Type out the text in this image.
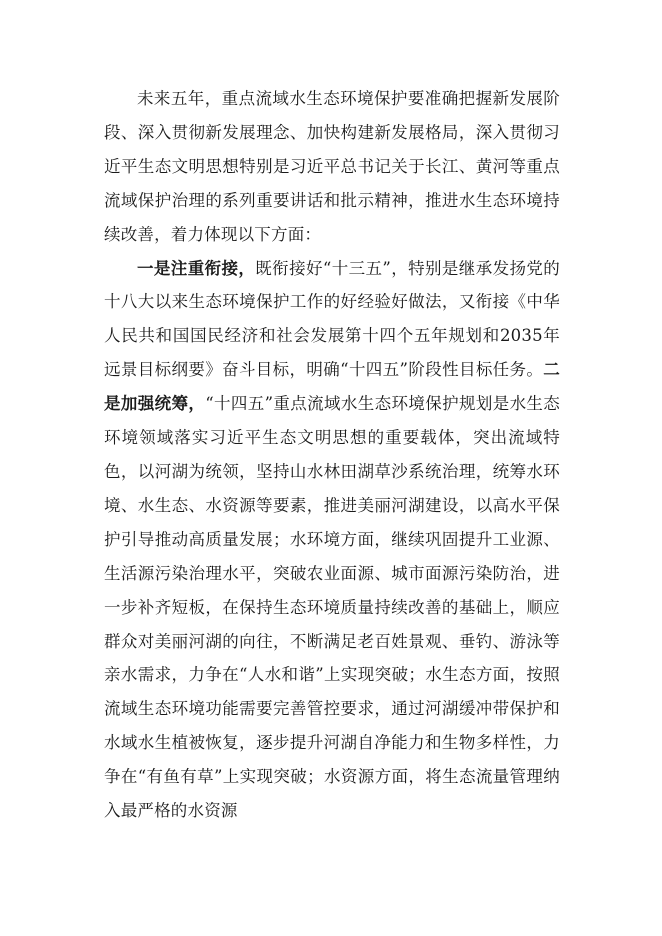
未来五年，重点流域水生态环境保护要准确把握新发展阶段、深入贯彻新发展理念、加快构建新发展格局，深入贯彻习近平生态文明思想特别是习近平总书记关于长江、黄河等重点流域保护治理的系列重要讲话和批示精神，推进水生态环境持续改善，着力体现以下方面：

一是注重衔接，既衔接好“十三五”，特别是继承发扬党的十八大以来生态环境保护工作的好经验好做法，又衔接《中华人民共和国国民经济和社会发展第十四个五年规划和2035年远景目标纲要》奋斗目标，明确“十四五”阶段性目标任务。二是加强统筹，“十四五”重点流域水生态环境保护规划是水生态环境领域落实习近平生态文明思想的重要载体，突出流域特色，以河湖为统领，坚持山水林田湖草沙系统治理，统筹水环境、水生态、水资源等要素，推进美丽河湖建设，以高水平保护引导推动高质量发展；水环境方面，继续巩固提升工业源、生活源污染治理水平，突破农业面源、城市面源污染防治，进一步补齐短板，在保持生态环境质量持续改善的基础上，顺应群众对美丽河湖的向往，不断满足老百姓景观、垂钓、游泳等亲水需求，力争在“人水和谐”上实现突破；水生态方面，按照流域生态环境功能需要完善管控要求，通过河湖缓冲带保护和水域水生植被恢复，逐步提升河湖自净能力和生物多样性，力争在“有鱼有草”上实现突破；水资源方面，将生态流量管理纳入最严格的水资源
